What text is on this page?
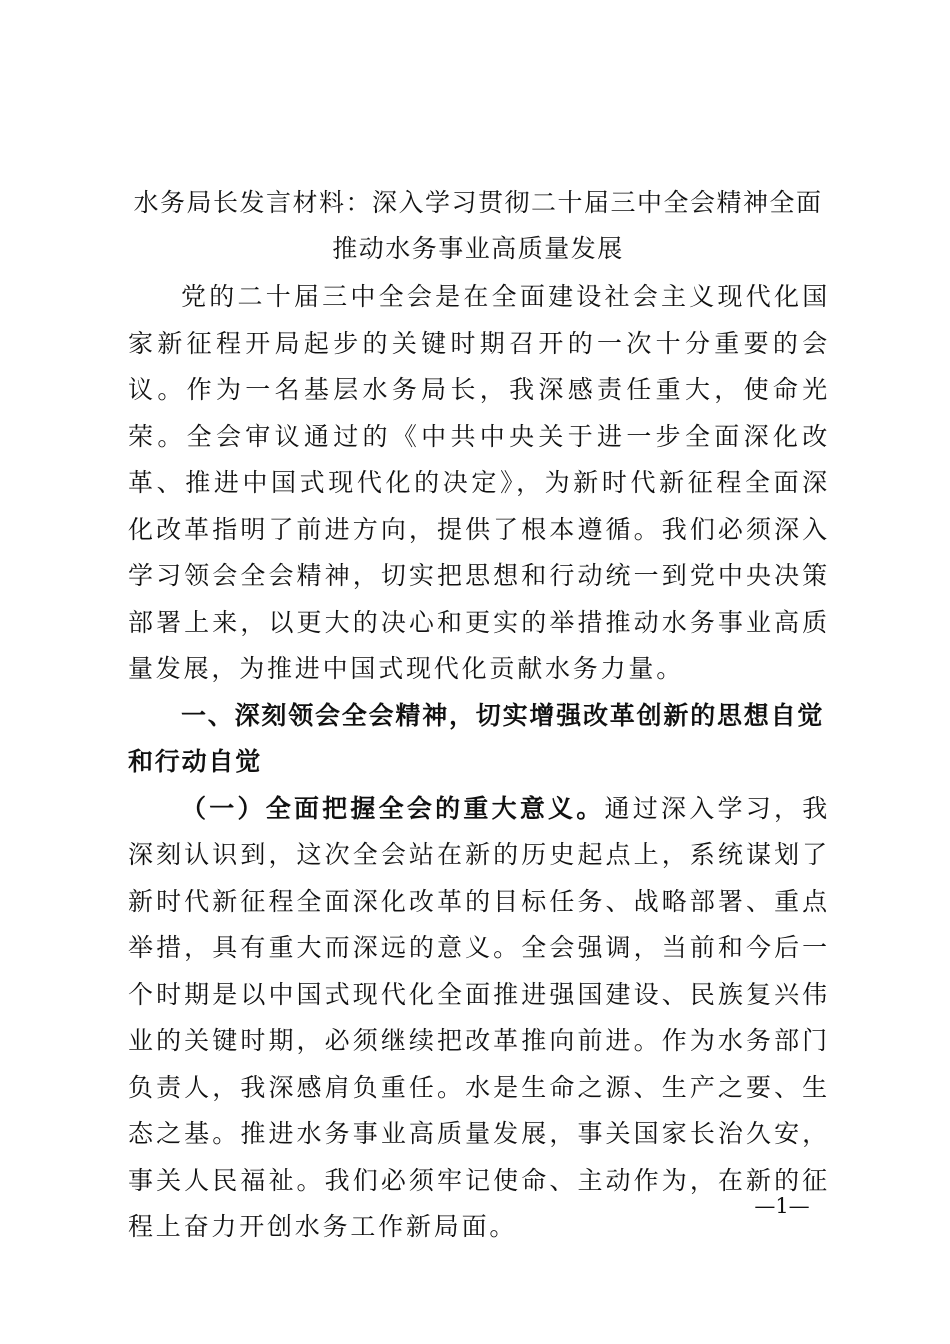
水务局长发言材料：深入学习贯彻二十届三中全会精神全面推动水务事业高质量发展

党的二十届三中全会是在全面建设社会主义现代化国家新征程开局起步的关键时期召开的一次十分重要的会议。作为一名基层水务局长，我深感责任重大，使命光荣。全会审议通过的《中共中央关于进一步全面深化改革、推进中国式现代化的决定》，为新时代新征程全面深化改革指明了前进方向，提供了根本遵循。我们必须深入学习领会全会精神，切实把思想和行动统一到党中央决策部署上来，以更大的决心和更实的举措推动水务事业高质量发展，为推进中国式现代化贡献水务力量。

一、深刻领会全会精神，切实增强改革创新的思想自觉和行动自觉

（一）全面把握全会的重大意义。通过深入学习，我深刻认识到，这次全会站在新的历史起点上，系统谋划了新时代新征程全面深化改革的目标任务、战略部署、重点举措，具有重大而深远的意义。全会强调，当前和今后一个时期是以中国式现代化全面推进强国建设、民族复兴伟业的关键时期，必须继续把改革推向前进。作为水务部门负责人，我深感肩负重任。水是生命之源、生产之要、生态之基。推进水务事业高质量发展，事关国家长治久安，事关人民福祉。我们必须牢记使命、主动作为，在新的征程上奋力开创水务工作新局面。

—1—
